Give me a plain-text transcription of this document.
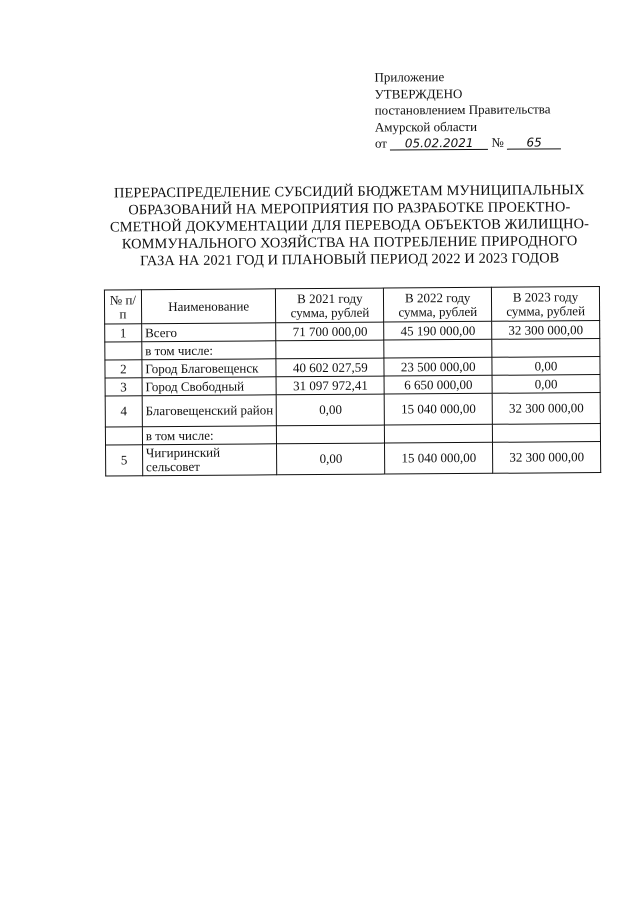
Приложение
УТВЕРЖДЕНО
постановлением Правительства
Амурской области
от 05.02.2021 № 65
ПЕРЕРАСПРЕДЕЛЕНИЕ СУБСИДИЙ БЮДЖЕТАМ МУНИЦИПАЛЬНЫХ
ОБРАЗОВАНИЙ НА МЕРОПРИЯТИЯ ПО РАЗРАБОТКЕ ПРОЕКТНО-
СМЕТНОЙ ДОКУМЕНТАЦИИ ДЛЯ ПЕРЕВОДА ОБЪЕКТОВ ЖИЛИЩНО-
КОММУНАЛЬНОГО ХОЗЯЙСТВА НА ПОТРЕБЛЕНИЕ ПРИРОДНОГО
ГАЗА НА 2021 ГОД И ПЛАНОВЫЙ ПЕРИОД 2022 И 2023 ГОДОВ
№ п/п	Наименование	В 2021 году сумма, рублей	В 2022 году сумма, рублей	В 2023 году сумма, рублей
1	Всего	71 700 000,00	45 190 000,00	32 300 000,00
	в том числе:			
2	Город Благовещенск	40 602 027,59	23 500 000,00	0,00
3	Город Свободный	31 097 972,41	6 650 000,00	0,00
4	Благовещенский район	0,00	15 040 000,00	32 300 000,00
	в том числе:			
5	Чигиринский сельсовет	0,00	15 040 000,00	32 300 000,00
